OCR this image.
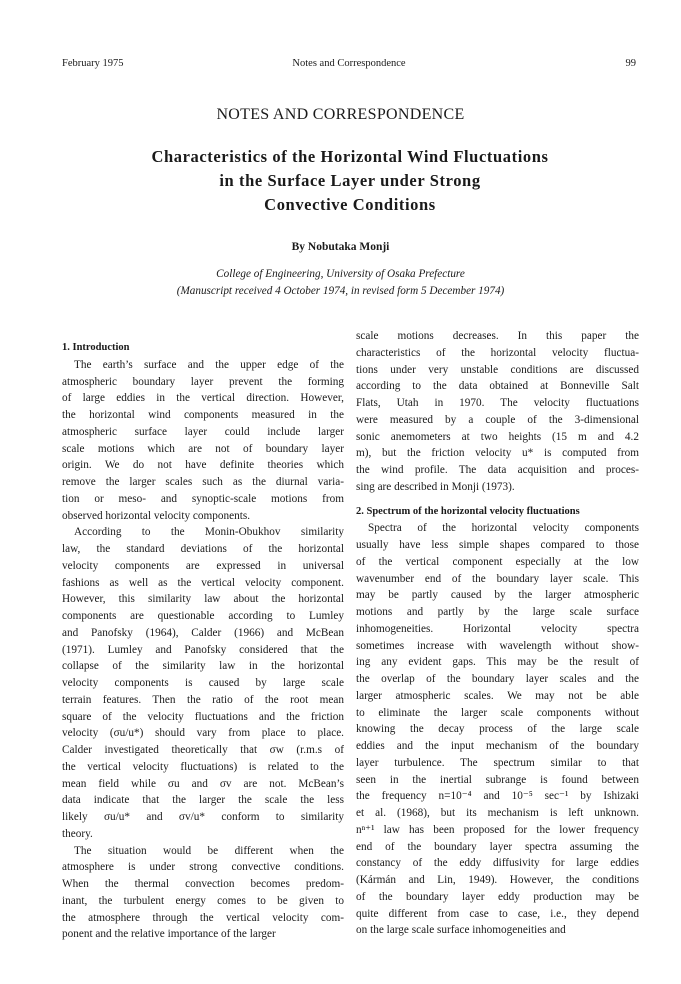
February 1975	Notes and Correspondence	99
NOTES AND CORRESPONDENCE
Characteristics of the Horizontal Wind Fluctuations
in the Surface Layer under Strong
Convective Conditions
By Nobutaka Monji
College of Engineering, University of Osaka Prefecture
(Manuscript received 4 October 1974, in revised form 5 December 1974)
1. Introduction
The earth’s surface and the upper edge of the
atmospheric boundary layer prevent the forming
of large eddies in the vertical direction. However,
the horizontal wind components measured in the
atmospheric surface layer could include larger
scale motions which are not of boundary layer
origin. We do not have definite theories which
remove the larger scales such as the diurnal varia-
tion or meso- and synoptic-scale motions from
observed horizontal velocity components.
According to the Monin-Obukhov similarity
law, the standard deviations of the horizontal
velocity components are expressed in universal
fashions as well as the vertical velocity component.
However, this similarity law about the horizontal
components are questionable according to Lumley
and Panofsky (1964), Calder (1966) and McBean
(1971). Lumley and Panofsky considered that the
collapse of the similarity law in the horizontal
velocity components is caused by large scale
terrain features. Then the ratio of the root mean
square of the velocity fluctuations and the friction
velocity (σu/u*) should vary from place to place.
Calder investigated theoretically that σw (r.m.s of
the vertical velocity fluctuations) is related to the
mean field while σu and σv are not. McBean’s
data indicate that the larger the scale the less
likely σu/u* and σv/u* conform to similarity
theory.
The situation would be different when the
atmosphere is under strong convective conditions.
When the thermal convection becomes predom-
inant, the turbulent energy comes to be given to
the atmosphere through the vertical velocity com-
ponent and the relative importance of the larger
scale motions decreases. In this paper the
characteristics of the horizontal velocity fluctua-
tions under very unstable conditions are discussed
according to the data obtained at Bonneville Salt
Flats, Utah in 1970. The velocity fluctuations
were measured by a couple of the 3-dimensional
sonic anemometers at two heights (15 m and 4.2
m), but the friction velocity u* is computed from
the wind profile. The data acquisition and proces-
sing are described in Monji (1973).
2. Spectrum of the horizontal velocity fluctuations
Spectra of the horizontal velocity components
usually have less simple shapes compared to those
of the vertical component especially at the low
wavenumber end of the boundary layer scale. This
may be partly caused by the larger atmospheric
motions and partly by the large scale surface
inhomogeneities. Horizontal velocity spectra
sometimes increase with wavelength without show-
ing any evident gaps. This may be the result of
the overlap of the boundary layer scales and the
larger atmospheric scales. We may not be able
to eliminate the larger scale components without
knowing the decay process of the large scale
eddies and the input mechanism of the boundary
layer turbulence. The spectrum similar to that
seen in the inertial subrange is found between
the frequency n=10⁻⁴ and 10⁻⁵ sec⁻¹ by Ishizaki
et al. (1968), but its mechanism is left unknown.
nⁿ⁺¹ law has been proposed for the lower frequency
end of the boundary layer spectra assuming the
constancy of the eddy diffusivity for large eddies
(Kármán and Lin, 1949). However, the conditions
of the boundary layer eddy production may be
quite different from case to case, i.e., they depend
on the large scale surface inhomogeneities and
